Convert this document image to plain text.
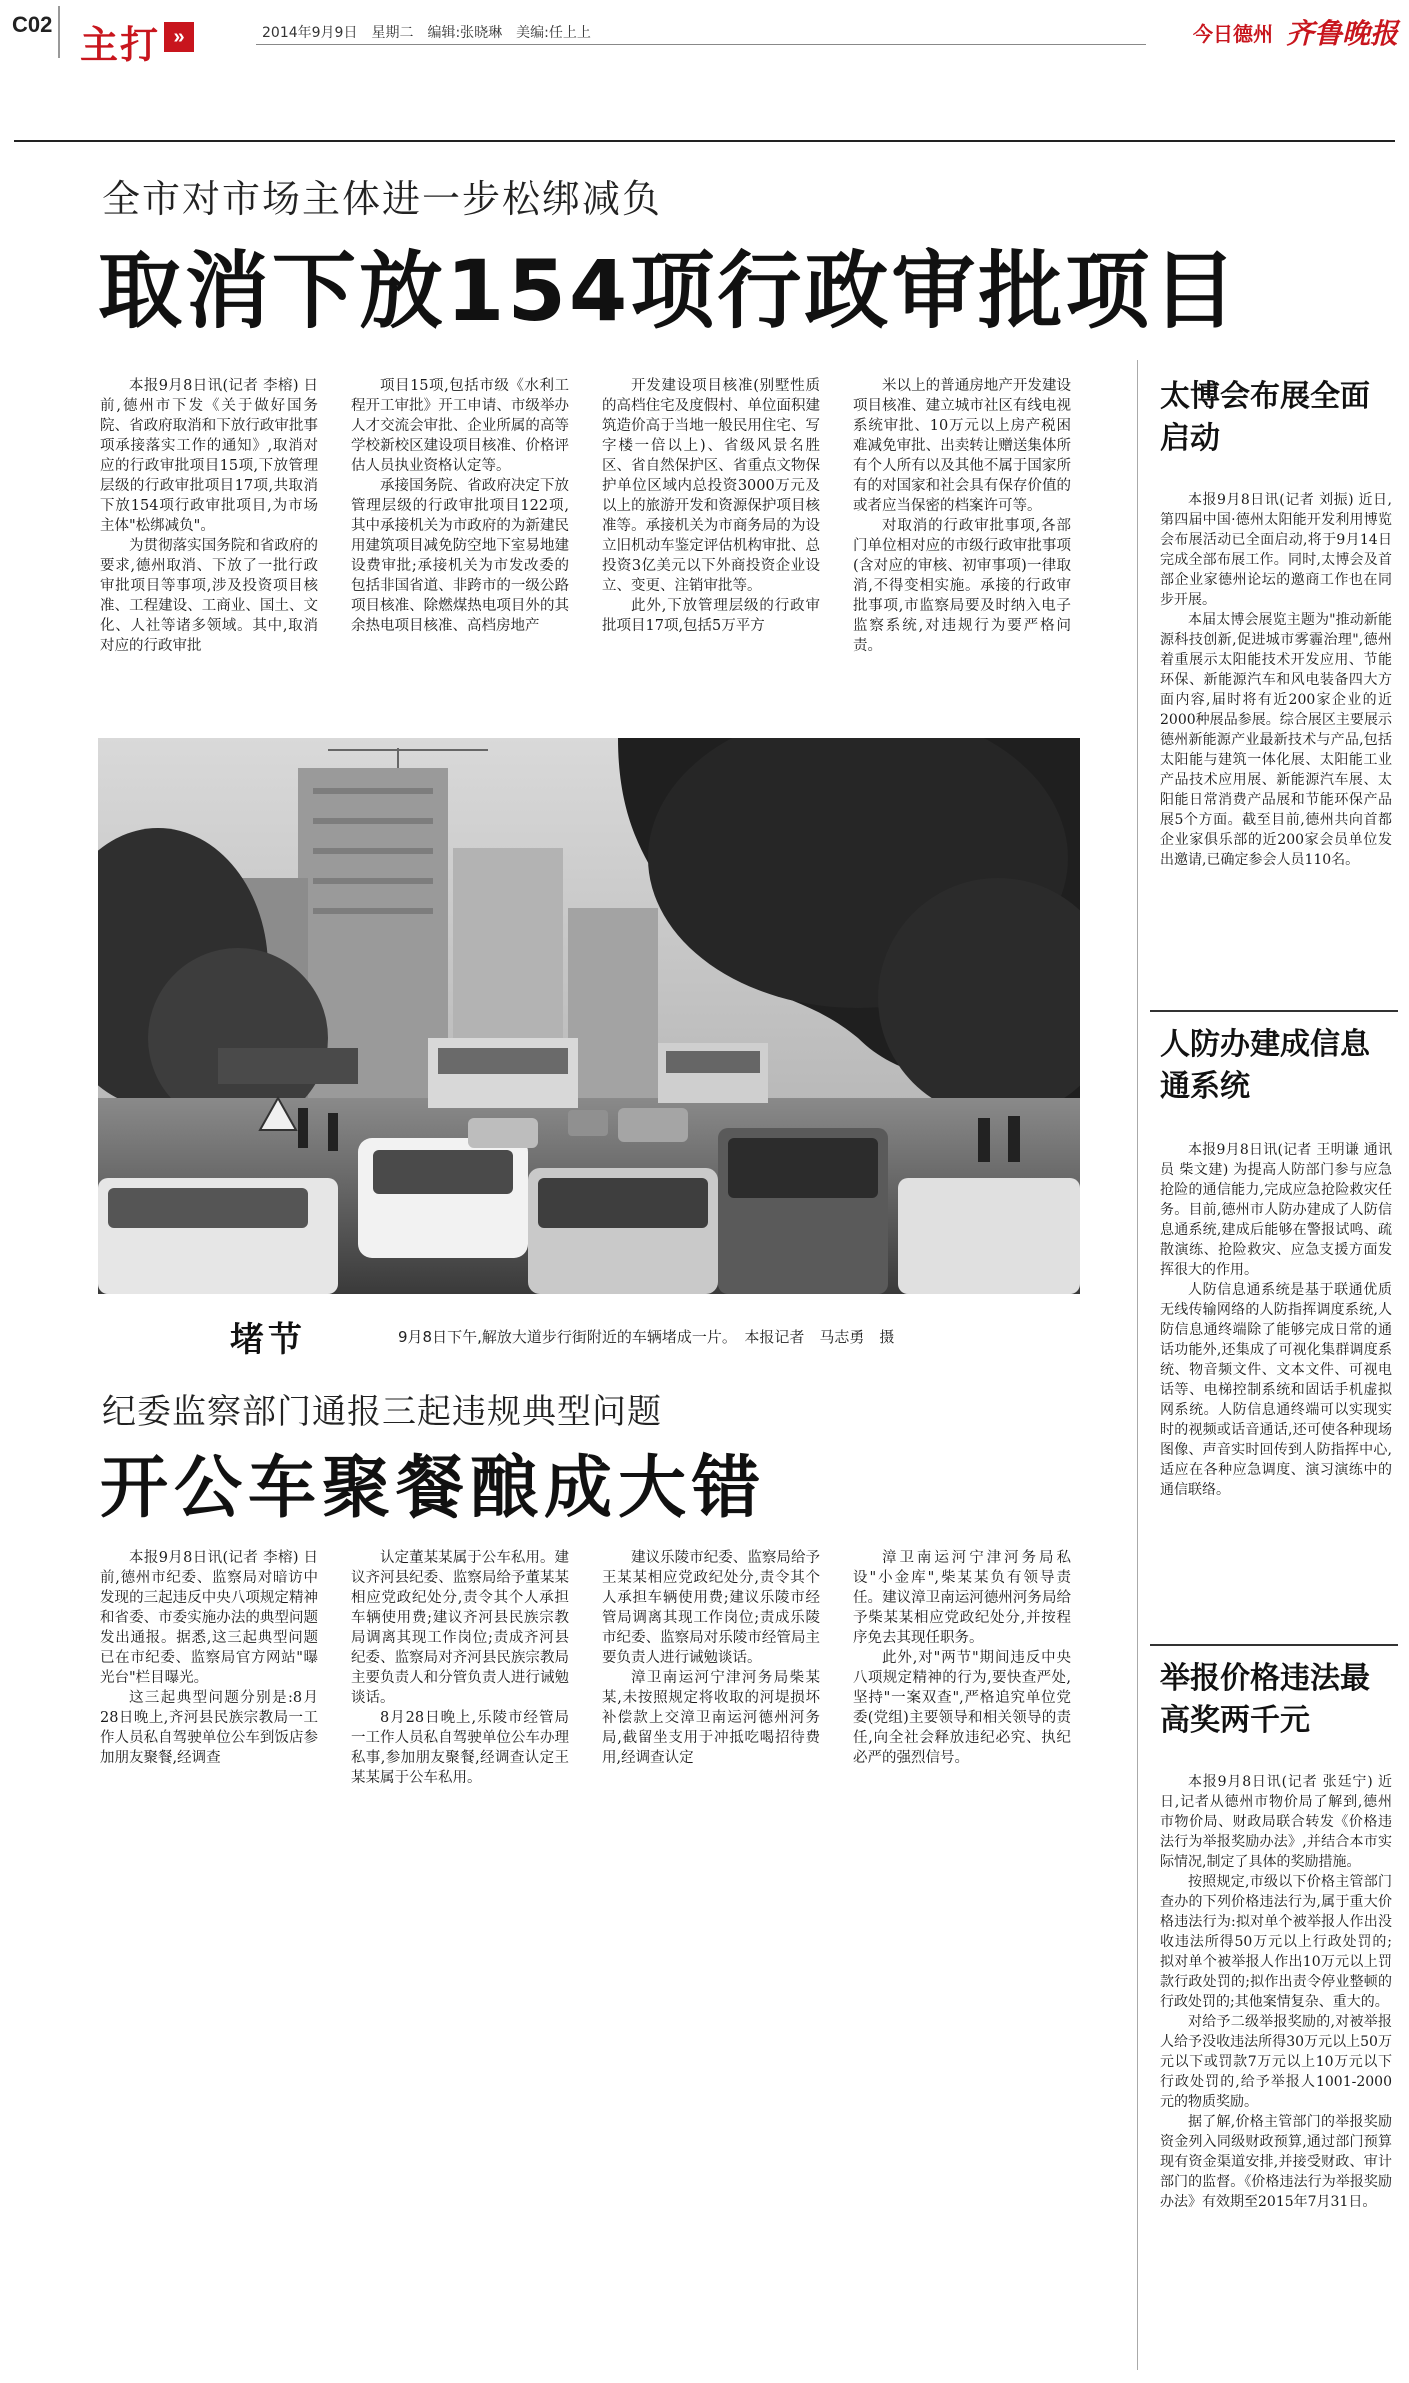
C02 主打 »	2014年9月9日　星期二　编辑:张晓琳　美编:任上上	今日德州 齐鲁晚报
全市对市场主体进一步松绑减负
取消下放154项行政审批项目

本报9月8日讯(记者 李榕) 日前,德州市下发《关于做好国务院、省政府取消和下放行政审批事项承接落实工作的通知》,取消对应的行政审批项目15项,下放管理层级的行政审批项目17项,共取消下放154项行政审批项目,为市场主体"松绑减负"。

为贯彻落实国务院和省政府的要求,德州取消、下放了一批行政审批项目等事项,涉及投资项目核准、工程建设、工商业、国土、文化、人社等诸多领域。其中,取消对应的行政审批

项目15项,包括市级《水利工程开工审批》开工申请、市级举办人才交流会审批、企业所属的高等学校新校区建设项目核准、价格评估人员执业资格认定等。

承接国务院、省政府决定下放管理层级的行政审批项目122项,其中承接机关为市政府的为新建民用建筑项目减免防空地下室易地建设费审批;承接机关为市发改委的包括非国省道、非跨市的一级公路项目核准、除燃煤热电项目外的其余热电项目核准、高档房地产

开发建设项目核准(别墅性质的高档住宅及度假村、单位面积建筑造价高于当地一般民用住宅、写字楼一倍以上)、省级风景名胜区、省自然保护区、省重点文物保护单位区域内总投资3000万元及以上的旅游开发和资源保护项目核准等。承接机关为市商务局的为设立旧机动车鉴定评估机构审批、总投资3亿美元以下外商投资企业设立、变更、注销审批等。

此外,下放管理层级的行政审批项目17项,包括5万平方

米以上的普通房地产开发建设项目核准、建立城市社区有线电视系统审批、10万元以上房产税困难减免审批、出卖转让赠送集体所有个人所有以及其他不属于国家所有的对国家和社会具有保存价值的或者应当保密的档案许可等。

对取消的行政审批事项,各部门单位相对应的市级行政审批事项(含对应的审核、初审事项)一律取消,不得变相实施。承接的行政审批事项,市监察局要及时纳入电子监察系统,对违规行为要严格问责。

堵节	9月8日下午,解放大道步行街附近的车辆堵成一片。　本报记者　马志勇　摄
纪委监察部门通报三起违规典型问题
开公车聚餐酿成大错

本报9月8日讯(记者 李榕) 日前,德州市纪委、监察局对暗访中发现的三起违反中央八项规定精神和省委、市委实施办法的典型问题发出通报。据悉,这三起典型问题已在市纪委、监察局官方网站"曝光台"栏目曝光。

这三起典型问题分别是:8月28日晚上,齐河县民族宗教局一工作人员私自驾驶单位公车到饭店参加朋友聚餐,经调查

认定董某某属于公车私用。建议齐河县纪委、监察局给予董某某相应党政纪处分,责令其个人承担车辆使用费;建议齐河县民族宗教局调离其现工作岗位;责成齐河县纪委、监察局对齐河县民族宗教局主要负责人和分管负责人进行诫勉谈话。

8月28日晚上,乐陵市经管局一工作人员私自驾驶单位公车办理私事,参加朋友聚餐,经调查认定王某某属于公车私用。

建议乐陵市纪委、监察局给予王某某相应党政纪处分,责令其个人承担车辆使用费;建议乐陵市经管局调离其现工作岗位;责成乐陵市纪委、监察局对乐陵市经管局主要负责人进行诫勉谈话。

漳卫南运河宁津河务局柴某某,未按照规定将收取的河堤损坏补偿款上交漳卫南运河德州河务局,截留坐支用于冲抵吃喝招待费用,经调查认定

漳卫南运河宁津河务局私设"小金库",柴某某负有领导责任。建议漳卫南运河德州河务局给予柴某某相应党政纪处分,并按程序免去其现任职务。

此外,对"两节"期间违反中央八项规定精神的行为,要快查严处,坚持"一案双查",严格追究单位党委(党组)主要领导和相关领导的责任,向全社会释放违纪必究、执纪必严的强烈信号。

太博会布展全面启动

本报9月8日讯(记者 刘振) 近日,第四届中国·德州太阳能开发利用博览会布展活动已全面启动,将于9月14日完成全部布展工作。同时,太博会及首部企业家德州论坛的邀商工作也在同步开展。

本届太博会展览主题为"推动新能源科技创新,促进城市雾霾治理",德州着重展示太阳能技术开发应用、节能环保、新能源汽车和风电装备四大方面内容,届时将有近200家企业的近2000种展品参展。综合展区主要展示德州新能源产业最新技术与产品,包括太阳能与建筑一体化展、太阳能工业产品技术应用展、新能源汽车展、太阳能日常消费产品展和节能环保产品展5个方面。截至目前,德州共向首都企业家俱乐部的近200家会员单位发出邀请,已确定参会人员110名。

人防办建成信息通系统

本报9月8日讯(记者 王明谦 通讯员 柴文建) 为提高人防部门参与应急抢险的通信能力,完成应急抢险救灾任务。目前,德州市人防办建成了人防信息通系统,建成后能够在警报试鸣、疏散演练、抢险救灾、应急支援方面发挥很大的作用。

人防信息通系统是基于联通优质无线传输网络的人防指挥调度系统,人防信息通终端除了能够完成日常的通话功能外,还集成了可视化集群调度系统、物音频文件、文本文件、可视电话等、电梯控制系统和固话手机虚拟网系统。人防信息通终端可以实现实时的视频或话音通话,还可使各种现场图像、声音实时回传到人防指挥中心,适应在各种应急调度、演习演练中的通信联络。

举报价格违法最高奖两千元

本报9月8日讯(记者 张廷宁) 近日,记者从德州市物价局了解到,德州市物价局、财政局联合转发《价格违法行为举报奖励办法》,并结合本市实际情况,制定了具体的奖励措施。

按照规定,市级以下价格主管部门查办的下列价格违法行为,属于重大价格违法行为:拟对单个被举报人作出没收违法所得50万元以上行政处罚的;拟对单个被举报人作出10万元以上罚款行政处罚的;拟作出责令停业整顿的行政处罚的;其他案情复杂、重大的。

对给予二级举报奖励的,对被举报人给予没收违法所得30万元以上50万元以下或罚款7万元以上10万元以下行政处罚的,给予举报人1001-2000元的物质奖励。

据了解,价格主管部门的举报奖励资金列入同级财政预算,通过部门预算现有资金渠道安排,并接受财政、审计部门的监督。《价格违法行为举报奖励办法》有效期至2015年7月31日。
